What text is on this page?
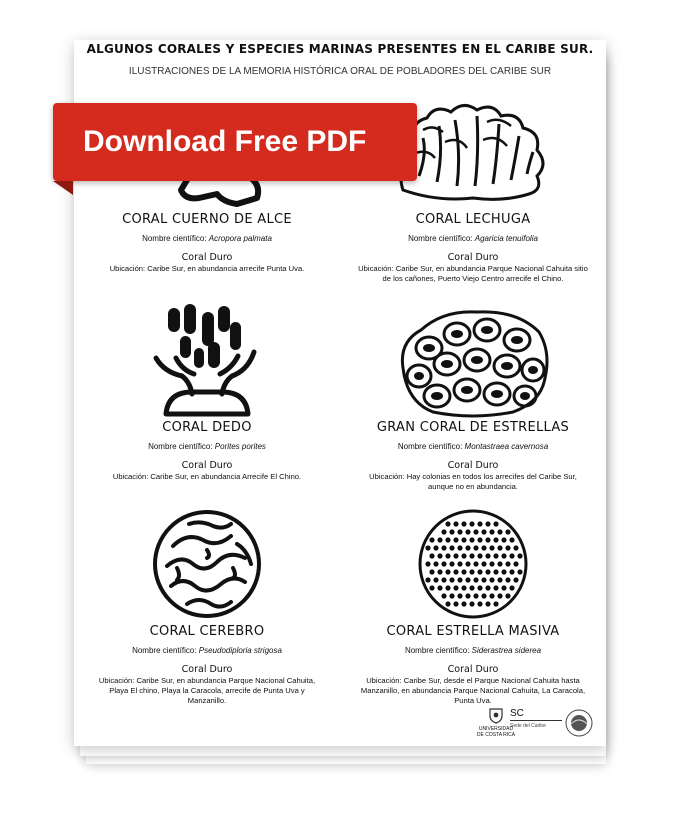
ALGUNOS CORALES Y ESPECIES MARINAS PRESENTES EN EL CARIBE SUR.
ILUSTRACIONES DE LA MEMORIA HISTÓRICA ORAL DE POBLADORES DEL CARIBE SUR
CORAL CUERNO DE ALCE
Nombre científico: Acropora palmata
Coral Duro
Ubicación: Caribe Sur, en abundancia arrecife Punta Uva.
CORAL LECHUGA
Nombre científico: Agaricia tenuifolia
Coral Duro
Ubicación: Caribe Sur, en abundancia Parque Nacional Cahuita sitio de los cañones, Puerto Viejo Centro arrecife el Chino.
CORAL DEDO
Nombre científico: Porites porites
Coral Duro
Ubicación: Caribe Sur, en abundancia Arrecife El Chino.
GRAN CORAL DE ESTRELLAS
Nombre científico: Montastraea cavernosa
Coral Duro
Ubicación: Hay colonias en todos los arrecifes del Caribe Sur, aunque no en abundancia.
CORAL CEREBRO
Nombre científico: Pseudodiploria strigosa
Coral Duro
Ubicación: Caribe Sur, en abundancia Parque Nacional Cahuita, Playa El chino, Playa la Caracola, arrecife de Punta Uva y Manzanillo.
CORAL ESTRELLA MASIVA
Nombre científico: Siderastrea siderea
Coral Duro
Ubicación: Caribe Sur, desde el Parque Nacional Cahuita hasta Manzanillo, en abundancia Parque Nacional Cahuita, La Caracola, Punta Uva.
UNIVERSIDAD DE COSTA RICA
SC
Sede del Caribe
Download Free PDF
